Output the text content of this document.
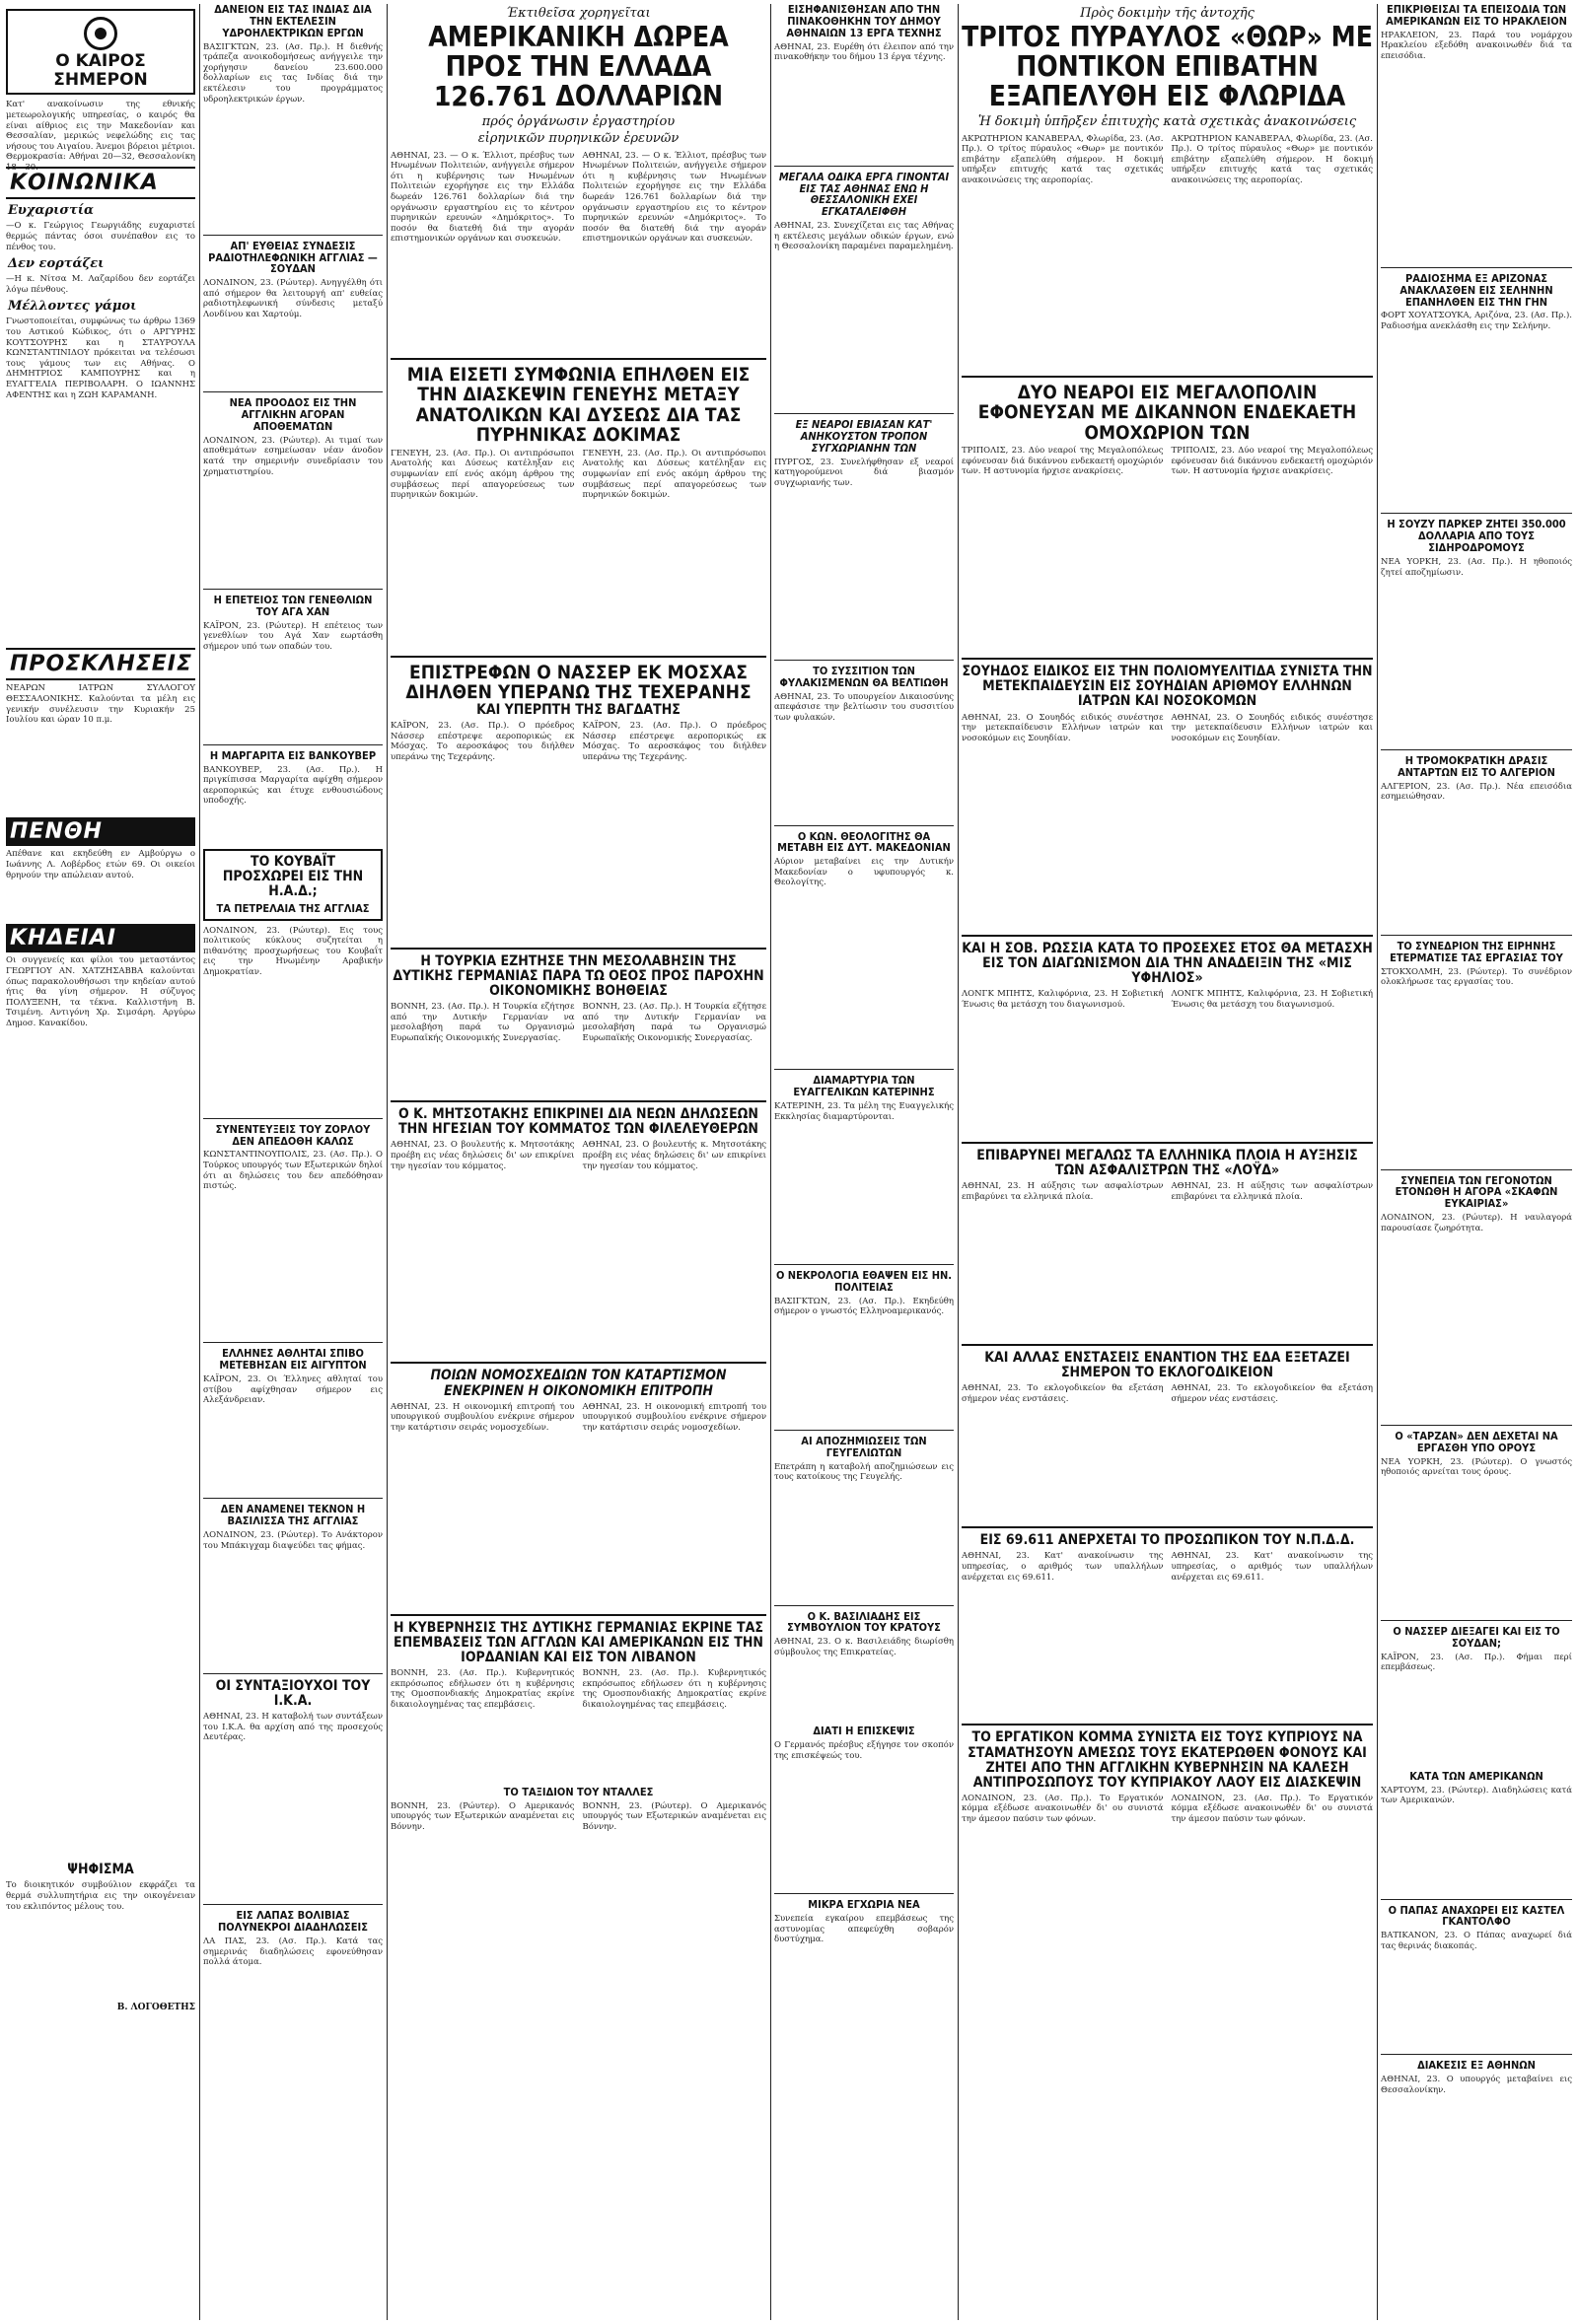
Ο ΚΑΙΡΟΣ ΣΗΜΕΡΟΝ
Κατ' ανακοίνωσιν της εθνικής μετεωρολογικής υπηρεσίας, ο καιρός θα είναι αίθριος εις την Μακεδονίαν και Θεσσαλίαν, μερικώς νεφελώδης εις τας νήσους του Αιγαίου. Άνεμοι βόρειοι μέτριοι. Θερμοκρασία: Αθήναι 20—32, Θεσσαλονίκη 18—30.
ΚΟΙΝΩΝΙΚΑ
Ευχαριστία
—Ο κ. Γεώργιος Γεωργιάδης ευχαριστεί θερμώς πάντας όσοι συνέπαθον εις το πένθος του.
Δεν εορτάζει
—Η κ. Νίτσα Μ. Λαζαρίδου δεν εορτάζει λόγω πένθους.
Μέλλοντες γάμοι
Γνωστοποιείται, συμφώνως τω άρθρω 1369 του Αστικού Κώδικος, ότι ο ΑΡΓΥΡΗΣ ΚΟΥΤΣΟΥΡΗΣ και η ΣΤΑΥΡΟΥΛΑ ΚΩΝΣΤΑΝΤΙΝΙΔΟΥ πρόκειται να τελέσωσι τους γάμους των εις Αθήνας. Ο ΔΗΜΗΤΡΙΟΣ ΚΑΜΠΟΥΡΗΣ και η ΕΥΑΓΓΕΛΙΑ ΠΕΡΙΒΟΛΑΡΗ. Ο ΙΩΑΝΝΗΣ ΑΦΕΝΤΗΣ και η ΖΩΗ ΚΑΡΑΜΑΝΗ.
ΠΡΟΣΚΛΗΣΕΙΣ
ΝΕΑΡΩΝ ΙΑΤΡΩΝ ΣΥΛΛΟΓΟΥ ΘΕΣΣΑΛΟΝΙΚΗΣ. Καλούνται τα μέλη εις γενικήν συνέλευσιν την Κυριακήν 25 Ιουλίου και ώραν 10 π.μ.
ΠΕΝΘΗ
Απέθανε και εκηδεύθη εν Αμβούργω ο Ιωάννης Λ. Λοβέρδος ετών 69. Οι οικείοι θρηνούν την απώλειαν αυτού.
ΚΗΔΕΙΑΙ
Οι συγγενείς και φίλοι του μεταστάντος ΓΕΩΡΓΙΟΥ ΑΝ. ΧΑΤΖΗΣΑΒΒΑ καλούνται όπως παρακολουθήσωσι την κηδείαν αυτού ήτις θα γίνη σήμερον. Η σύζυγος ΠΟΛΥΞΕΝΗ, τα τέκνα. Καλλιστήνη Β. Τσιμένη. Αντιγόνη Χρ. Σιμσάρη. Αργύρω Δημοσ. Κανακίδου.
ΨΗΦΙΣΜΑ
Το διοικητικόν συμβούλιον εκφράζει τα θερμά συλλυπητήρια εις την οικογένειαν του εκλιπόντος μέλους του.
Β. ΛΟΓΟΘΕΤΗΣ
ΔΑΝΕΙΟΝ ΕΙΣ ΤΑΣ ΙΝΔΙΑΣ ΔΙΑ ΤΗΝ ΕΚΤΕΛΕΣΙΝ ΥΔΡΟΗΛΕΚΤΡΙΚΩΝ ΕΡΓΩΝ
ΒΑΣΙΓΚΤΩΝ, 23. (Ασ. Πρ.). Η διεθνής τράπεζα ανοικοδομήσεως ανήγγειλε την χορήγησιν δανείου 23.600.000 δολλαρίων εις τας Ινδίας διά την εκτέλεσιν του προγράμματος υδροηλεκτρικών έργων.
ΑΠ' ΕΥΘΕΙΑΣ ΣΥΝΔΕΣΙΣ ΡΑΔΙΟΤΗΛΕΦΩΝΙΚΗ ΑΓΓΛΙΑΣ — ΣΟΥΔΑΝ
ΛΟΝΔΙΝΟΝ, 23. (Ρώυτερ). Ανηγγέλθη ότι από σήμερον θα λειτουργή απ' ευθείας ραδιοτηλεφωνική σύνδεσις μεταξύ Λονδίνου και Χαρτούμ.
ΝΕΑ ΠΡΟΟΔΟΣ ΕΙΣ ΤΗΝ ΑΓΓΛΙΚΗΝ ΑΓΟΡΑΝ ΑΠΟΘΕΜΑΤΩΝ
ΛΟΝΔΙΝΟΝ, 23. (Ρώυτερ). Αι τιμαί των αποθεμάτων εσημείωσαν νέαν άνοδον κατά την σημερινήν συνεδρίασιν του χρηματιστηρίου.
Η ΕΠΕΤΕΙΟΣ ΤΩΝ ΓΕΝΕΘΛΙΩΝ ΤΟΥ ΑΓΑ ΧΑΝ
ΚΑΪΡΟΝ, 23. (Ρώυτερ). Η επέτειος των γενεθλίων του Αγά Χαν εωρτάσθη σήμερον υπό των οπαδών του.
Η ΜΑΡΓΑΡΙΤΑ ΕΙΣ ΒΑΝΚΟΥΒΕΡ
ΒΑΝΚΟΥΒΕΡ, 23. (Ασ. Πρ.). Η πριγκίπισσα Μαργαρίτα αφίχθη σήμερον αεροπορικώς και έτυχε ενθουσιώδους υποδοχής.
ΤΟ ΚΟΥΒΑΪΤ ΠΡΟΣΧΩΡΕΙ ΕΙΣ ΤΗΝ Η.Α.Δ.;
ΤΑ ΠΕΤΡΕΛΑΙΑ ΤΗΣ ΑΓΓΛΙΑΣ
ΛΟΝΔΙΝΟΝ, 23. (Ρώυτερ). Εις τους πολιτικούς κύκλους συζητείται η πιθανότης προσχωρήσεως του Κουβαΐτ εις την Ηνωμένην Αραβικήν Δημοκρατίαν.
ΣΥΝΕΝΤΕΥΞΕΙΣ ΤΟΥ ΖΟΡΛΟΥ ΔΕΝ ΑΠΕΔΟΘΗ ΚΑΛΩΣ
ΚΩΝΣΤΑΝΤΙΝΟΥΠΟΛΙΣ, 23. (Ασ. Πρ.). Ο Τούρκος υπουργός των Εξωτερικών δηλοί ότι αι δηλώσεις του δεν απεδόθησαν πιστώς.
ΕΛΛΗΝΕΣ ΑΘΛΗΤΑΙ ΣΠΙΒΟ ΜΕΤΕΒΗΣΑΝ ΕΙΣ ΑΙΓΥΠΤΟΝ
ΚΑΪΡΟΝ, 23. Οι Έλληνες αθληταί του στίβου αφίχθησαν σήμερον εις Αλεξάνδρειαν.
ΔΕΝ ΑΝΑΜΕΝΕΙ ΤΕΚΝΟΝ Η ΒΑΣΙΛΙΣΣΑ ΤΗΣ ΑΓΓΛΙΑΣ
ΛΟΝΔΙΝΟΝ, 23. (Ρώυτερ). Το Ανάκτορον του Μπάκιγχαμ διαψεύδει τας φήμας.
ΟΙ ΣΥΝΤΑΞΙΟΥΧΟΙ ΤΟΥ Ι.Κ.Α.
ΑΘΗΝΑΙ, 23. Η καταβολή των συντάξεων του Ι.Κ.Α. θα αρχίση από της προσεχούς Δευτέρας.
ΕΙΣ ΛΑΠΑΣ ΒΟΛΙΒΙΑΣ ΠΟΛΥΝΕΚΡΟΙ ΔΙΑΔΗΛΩΣΕΙΣ
ΛΑ ΠΑΣ, 23. (Ασ. Πρ.). Κατά τας σημερινάς διαδηλώσεις εφονεύθησαν πολλά άτομα.
Έκτιθεῖσα χορηγεῖται
ΑΜΕΡΙΚΑΝΙΚΗ ΔΩΡΕΑ ΠΡΟΣ ΤΗΝ ΕΛΛΑΔΑ 126.761 ΔΟΛΛΑΡΙΩΝ
πρός ὀργάνωσιν ἐργαστηρίου
εἰρηνικῶν πυρηνικῶν ἐρευνῶν
ΑΘΗΝΑΙ, 23. — Ο κ. Έλλιοτ, πρέσβυς των Ηνωμένων Πολιτειών, ανήγγειλε σήμερον ότι η κυβέρνησις των Ηνωμένων Πολιτειών εχορήγησε εις την Ελλάδα δωρεάν 126.761 δολλαρίων διά την οργάνωσιν εργαστηρίου εις το κέντρον πυρηνικών ερευνών «Δημόκριτος». Το ποσόν θα διατεθή διά την αγοράν επιστημονικών οργάνων και συσκευών.
ΑΘΗΝΑΙ, 23. — Ο κ. Έλλιοτ, πρέσβυς των Ηνωμένων Πολιτειών, ανήγγειλε σήμερον ότι η κυβέρνησις των Ηνωμένων Πολιτειών εχορήγησε εις την Ελλάδα δωρεάν 126.761 δολλαρίων διά την οργάνωσιν εργαστηρίου εις το κέντρον πυρηνικών ερευνών «Δημόκριτος». Το ποσόν θα διατεθή διά την αγοράν επιστημονικών οργάνων και συσκευών.
ΜΙΑ ΕΙΣΕΤΙ ΣΥΜΦΩΝΙΑ ΕΠΗΛΘΕΝ ΕΙΣ ΤΗΝ ΔΙΑΣΚΕΨΙΝ ΓΕΝΕΥΗΣ ΜΕΤΑΞΥ ΑΝΑΤΟΛΙΚΩΝ ΚΑΙ ΔΥΣΕΩΣ ΔΙΑ ΤΑΣ ΠΥΡΗΝΙΚΑΣ ΔΟΚΙΜΑΣ
ΓΕΝΕΥΗ, 23. (Ασ. Πρ.). Οι αντιπρόσωποι Ανατολής και Δύσεως κατέληξαν εις συμφωνίαν επί ενός ακόμη άρθρου της συμβάσεως περί απαγορεύσεως των πυρηνικών δοκιμών.
ΓΕΝΕΥΗ, 23. (Ασ. Πρ.). Οι αντιπρόσωποι Ανατολής και Δύσεως κατέληξαν εις συμφωνίαν επί ενός ακόμη άρθρου της συμβάσεως περί απαγορεύσεως των πυρηνικών δοκιμών.
ΕΠΙΣΤΡΕΦΩΝ Ο ΝΑΣΣΕΡ ΕΚ ΜΟΣΧΑΣ ΔΙΗΛΘΕΝ ΥΠΕΡΑΝΩ ΤΗΣ ΤΕΧΕΡΑΝΗΣ
ΚΑΙ ΥΠΕΡΠΤΗ ΤΗΣ ΒΑΓΔΑΤΗΣ
ΚΑΪΡΟΝ, 23. (Ασ. Πρ.). Ο πρόεδρος Νάσσερ επέστρεψε αεροπορικώς εκ Μόσχας. Το αεροσκάφος του διήλθεν υπεράνω της Τεχεράνης.
ΚΑΪΡΟΝ, 23. (Ασ. Πρ.). Ο πρόεδρος Νάσσερ επέστρεψε αεροπορικώς εκ Μόσχας. Το αεροσκάφος του διήλθεν υπεράνω της Τεχεράνης.
Η ΤΟΥΡΚΙΑ ΕΖΗΤΗΣΕ ΤΗΝ ΜΕΣΟΛΑΒΗΣΙΝ ΤΗΣ ΔΥΤΙΚΗΣ ΓΕΡΜΑΝΙΑΣ ΠΑΡΑ ΤΩ ΟΕΟΣ ΠΡΟΣ ΠΑΡΟΧΗΝ ΟΙΚΟΝΟΜΙΚΗΣ ΒΟΗΘΕΙΑΣ
ΒΟΝΝΗ, 23. (Ασ. Πρ.). Η Τουρκία εζήτησε από την Δυτικήν Γερμανίαν να μεσολαβήση παρά τω Οργανισμώ Ευρωπαϊκής Οικονομικής Συνεργασίας.
ΒΟΝΝΗ, 23. (Ασ. Πρ.). Η Τουρκία εζήτησε από την Δυτικήν Γερμανίαν να μεσολαβήση παρά τω Οργανισμώ Ευρωπαϊκής Οικονομικής Συνεργασίας.
Ο Κ. ΜΗΤΣΟΤΑΚΗΣ ΕΠΙΚΡΙΝΕΙ ΔΙΑ ΝΕΩΝ ΔΗΛΩΣΕΩΝ ΤΗΝ ΗΓΕΣΙΑΝ ΤΟΥ ΚΟΜΜΑΤΟΣ ΤΩΝ ΦΙΛΕΛΕΥΘΕΡΩΝ
ΑΘΗΝΑΙ, 23. Ο βουλευτής κ. Μητσοτάκης προέβη εις νέας δηλώσεις δι' ων επικρίνει την ηγεσίαν του κόμματος.
ΑΘΗΝΑΙ, 23. Ο βουλευτής κ. Μητσοτάκης προέβη εις νέας δηλώσεις δι' ων επικρίνει την ηγεσίαν του κόμματος.
ΠΟΙΩΝ ΝΟΜΟΣΧΕΔΙΩΝ ΤΟΝ ΚΑΤΑΡΤΙΣΜΟΝ ΕΝΕΚΡΙΝΕΝ Η ΟΙΚΟΝΟΜΙΚΗ ΕΠΙΤΡΟΠΗ
ΑΘΗΝΑΙ, 23. Η οικονομική επιτροπή του υπουργικού συμβουλίου ενέκρινε σήμερον την κατάρτισιν σειράς νομοσχεδίων.
ΑΘΗΝΑΙ, 23. Η οικονομική επιτροπή του υπουργικού συμβουλίου ενέκρινε σήμερον την κατάρτισιν σειράς νομοσχεδίων.
Η ΚΥΒΕΡΝΗΣΙΣ ΤΗΣ ΔΥΤΙΚΗΣ ΓΕΡΜΑΝΙΑΣ ΕΚΡΙΝΕ ΤΑΣ ΕΠΕΜΒΑΣΕΙΣ ΤΩΝ ΑΓΓΛΩΝ ΚΑΙ ΑΜΕΡΙΚΑΝΩΝ ΕΙΣ ΤΗΝ ΙΟΡΔΑΝΙΑΝ ΚΑΙ ΕΙΣ ΤΟΝ ΛΙΒΑΝΟΝ
ΒΟΝΝΗ, 23. (Ασ. Πρ.). Κυβερνητικός εκπρόσωπος εδήλωσεν ότι η κυβέρνησις της Ομοσπονδιακής Δημοκρατίας εκρίνε δικαιολογημένας τας επεμβάσεις.
ΒΟΝΝΗ, 23. (Ασ. Πρ.). Κυβερνητικός εκπρόσωπος εδήλωσεν ότι η κυβέρνησις της Ομοσπονδιακής Δημοκρατίας εκρίνε δικαιολογημένας τας επεμβάσεις.
ΤΟ ΤΑΞΙΔΙΟΝ ΤΟΥ ΝΤΑΛΛΕΣ
ΒΟΝΝΗ, 23. (Ρώυτερ). Ο Αμερικανός υπουργός των Εξωτερικών αναμένεται εις Βόννην.
ΒΟΝΝΗ, 23. (Ρώυτερ). Ο Αμερικανός υπουργός των Εξωτερικών αναμένεται εις Βόννην.
ΕΙΣΗΦΑΝΙΣΘΗΣΑΝ ΑΠΟ ΤΗΝ ΠΙΝΑΚΟΘΗΚΗΝ ΤΟΥ ΔΗΜΟΥ ΑΘΗΝΑΙΩΝ 13 ΕΡΓΑ ΤΕΧΝΗΣ
ΑΘΗΝΑΙ, 23. Ευρέθη ότι έλειπον από την πινακοθήκην του δήμου 13 έργα τέχνης.
ΜΕΓΑΛΑ ΟΔΙΚΑ ΕΡΓΑ ΓΙΝΟΝΤΑΙ ΕΙΣ ΤΑΣ ΑΘΗΝΑΣ ΕΝΩ Η ΘΕΣΣΑΛΟΝΙΚΗ ΕΧΕΙ ΕΓΚΑΤΑΛΕΙΦΘΗ
ΑΘΗΝΑΙ, 23. Συνεχίζεται εις τας Αθήνας η εκτέλεσις μεγάλων οδικών έργων, ενώ η Θεσσαλονίκη παραμένει παραμελημένη.
ΕΞ ΝΕΑΡΟΙ ΕΒΙΑΣΑΝ ΚΑΤ' ΑΝΗΚΟΥΣΤΟΝ ΤΡΟΠΟΝ ΣΥΓΧΩΡΙΑΝΗΝ ΤΩΝ
ΠΥΡΓΟΣ, 23. Συνελήφθησαν εξ νεαροί κατηγορούμενοι διά βιασμόν συγχωριανής των.
ΤΟ ΣΥΣΣΙΤΙΟΝ ΤΩΝ ΦΥΛΑΚΙΣΜΕΝΩΝ ΘΑ ΒΕΛΤΙΩΘΗ
ΑΘΗΝΑΙ, 23. Το υπουργείον Δικαιοσύνης απεφάσισε την βελτίωσιν του συσσιτίου των φυλακών.
Ο ΚΩΝ. ΘΕΟΛΟΓΙΤΗΣ ΘΑ ΜΕΤΑΒΗ ΕΙΣ ΔΥΤ. ΜΑΚΕΔΟΝΙΑΝ
Αύριον μεταβαίνει εις την Δυτικήν Μακεδονίαν ο υφυπουργός κ. Θεολογίτης.
ΔΙΑΜΑΡΤΥΡΙΑ ΤΩΝ ΕΥΑΓΓΕΛΙΚΩΝ ΚΑΤΕΡΙΝΗΣ
ΚΑΤΕΡΙΝΗ, 23. Τα μέλη της Ευαγγελικής Εκκλησίας διαμαρτύρονται.
Ο ΝΕΚΡΟΛΟΓΙΑ ΕΘΑΨΕΝ ΕΙΣ ΗΝ. ΠΟΛΙΤΕΙΑΣ
ΒΑΣΙΓΚΤΩΝ, 23. (Ασ. Πρ.). Εκηδεύθη σήμερον ο γνωστός Ελληνοαμερικανός.
ΑΙ ΑΠΟΖΗΜΙΩΣΕΙΣ ΤΩΝ ΓΕΥΓΕΛΙΩΤΩΝ
Επετράπη η καταβολή αποζημιώσεων εις τους κατοίκους της Γευγελής.
Ο Κ. ΒΑΣΙΛΙΑΔΗΣ ΕΙΣ ΣΥΜΒΟΥΛΙΟΝ ΤΟΥ ΚΡΑΤΟΥΣ
ΑΘΗΝΑΙ, 23. Ο κ. Βασιλειάδης διωρίσθη σύμβουλος της Επικρατείας.
ΔΙΑΤΙ Η ΕΠΙΣΚΕΨΙΣ
Ο Γερμανός πρέσβυς εξήγησε τον σκοπόν της επισκέψεώς του.
ΜΙΚΡΑ ΕΓΧΩΡΙΑ ΝΕΑ
Συνεπεία εγκαίρου επεμβάσεως της αστυνομίας απεφεύχθη σοβαρόν δυστύχημα.
Πρὸς δοκιμὴν τῆς ἀντοχῆς
ΤΡΙΤΟΣ ΠΥΡΑΥΛΟΣ «ΘΩΡ» ΜΕ ΠΟΝΤΙΚΟΝ ΕΠΙΒΑΤΗΝ ΕΞΑΠΕΛΥΘΗ ΕΙΣ ΦΛΩΡΙΔΑ
Ἡ δοκιμὴ ὑπῆρξεν ἐπιτυχὴς κατὰ σχετικὰς ἀνακοινώσεις
ΑΚΡΩΤΗΡΙΟΝ ΚΑΝΑΒΕΡΑΛ, Φλωρίδα, 23. (Ασ. Πρ.). Ο τρίτος πύραυλος «Θωρ» με ποντικόν επιβάτην εξαπελύθη σήμερον. Η δοκιμή υπήρξεν επιτυχής κατά τας σχετικάς ανακοινώσεις της αεροπορίας.
ΑΚΡΩΤΗΡΙΟΝ ΚΑΝΑΒΕΡΑΛ, Φλωρίδα, 23. (Ασ. Πρ.). Ο τρίτος πύραυλος «Θωρ» με ποντικόν επιβάτην εξαπελύθη σήμερον. Η δοκιμή υπήρξεν επιτυχής κατά τας σχετικάς ανακοινώσεις της αεροπορίας.
ΔΥΟ ΝΕΑΡΟΙ ΕΙΣ ΜΕΓΑΛΟΠΟΛΙΝ ΕΦΟΝΕΥΣΑΝ ΜΕ ΔΙΚΑΝΝΟΝ ΕΝΔΕΚΑΕΤΗ ΟΜΟΧΩΡΙΟΝ ΤΩΝ
ΤΡΙΠΟΛΙΣ, 23. Δύο νεαροί της Μεγαλοπόλεως εφόνευσαν διά δικάννου ενδεκαετή ομοχώριόν των. Η αστυνομία ήρχισε ανακρίσεις.
ΤΡΙΠΟΛΙΣ, 23. Δύο νεαροί της Μεγαλοπόλεως εφόνευσαν διά δικάννου ενδεκαετή ομοχώριόν των. Η αστυνομία ήρχισε ανακρίσεις.
ΣΟΥΗΔΟΣ ΕΙΔΙΚΟΣ ΕΙΣ ΤΗΝ ΠΟΛΙΟΜΥΕΛΙΤΙΔΑ ΣΥΝΙΣΤΑ ΤΗΝ ΜΕΤΕΚΠΑΙΔΕΥΣΙΝ ΕΙΣ ΣΟΥΗΔΙΑΝ ΑΡΙΘΜΟΥ ΕΛΛΗΝΩΝ ΙΑΤΡΩΝ ΚΑΙ ΝΟΣΟΚΟΜΩΝ
ΑΘΗΝΑΙ, 23. Ο Σουηδός ειδικός συνέστησε την μετεκπαίδευσιν Ελλήνων ιατρών και νοσοκόμων εις Σουηδίαν.
ΑΘΗΝΑΙ, 23. Ο Σουηδός ειδικός συνέστησε την μετεκπαίδευσιν Ελλήνων ιατρών και νοσοκόμων εις Σουηδίαν.
ΚΑΙ Η ΣΟΒ. ΡΩΣΣΙΑ ΚΑΤΑ ΤΟ ΠΡΟΣΕΧΕΣ ΕΤΟΣ ΘΑ ΜΕΤΑΣΧΗ ΕΙΣ ΤΟΝ ΔΙΑΓΩΝΙΣΜΟΝ ΔΙΑ ΤΗΝ ΑΝΑΔΕΙΞΙΝ ΤΗΣ «ΜΙΣ ΥΦΗΛΙΟΣ»
ΛΟΝΓΚ ΜΠΗΤΣ, Καλιφόρνια, 23. Η Σοβιετική Ένωσις θα μετάσχη του διαγωνισμού.
ΛΟΝΓΚ ΜΠΗΤΣ, Καλιφόρνια, 23. Η Σοβιετική Ένωσις θα μετάσχη του διαγωνισμού.
ΕΠΙΒΑΡΥΝΕΙ ΜΕΓΑΛΩΣ ΤΑ ΕΛΛΗΝΙΚΑ ΠΛΟΙΑ Η ΑΥΞΗΣΙΣ ΤΩΝ ΑΣΦΑΛΙΣΤΡΩΝ ΤΗΣ «ΛΟΫΔ»
ΑΘΗΝΑΙ, 23. Η αύξησις των ασφαλίστρων επιβαρύνει τα ελληνικά πλοία.
ΑΘΗΝΑΙ, 23. Η αύξησις των ασφαλίστρων επιβαρύνει τα ελληνικά πλοία.
ΚΑΙ ΑΛΛΑΣ ΕΝΣΤΑΣΕΙΣ ΕΝΑΝΤΙΟΝ ΤΗΣ ΕΔΑ ΕΞΕΤΑΖΕΙ ΣΗΜΕΡΟΝ ΤΟ ΕΚΛΟΓΟΔΙΚΕΙΟΝ
ΑΘΗΝΑΙ, 23. Το εκλογοδικείον θα εξετάση σήμερον νέας ενστάσεις.
ΑΘΗΝΑΙ, 23. Το εκλογοδικείον θα εξετάση σήμερον νέας ενστάσεις.
ΕΙΣ 69.611 ΑΝΕΡΧΕΤΑΙ ΤΟ ΠΡΟΣΩΠΙΚΟΝ ΤΟΥ Ν.Π.Δ.Δ.
ΑΘΗΝΑΙ, 23. Κατ' ανακοίνωσιν της υπηρεσίας, ο αριθμός των υπαλλήλων ανέρχεται εις 69.611.
ΑΘΗΝΑΙ, 23. Κατ' ανακοίνωσιν της υπηρεσίας, ο αριθμός των υπαλλήλων ανέρχεται εις 69.611.
ΤΟ ΕΡΓΑΤΙΚΟΝ ΚΟΜΜΑ ΣΥΝΙΣΤΑ ΕΙΣ ΤΟΥΣ ΚΥΠΡΙΟΥΣ ΝΑ ΣΤΑΜΑΤΗΣΟΥΝ ΑΜΕΣΩΣ ΤΟΥΣ ΕΚΑΤΕΡΩΘΕΝ ΦΟΝΟΥΣ ΚΑΙ ΖΗΤΕΙ ΑΠΟ ΤΗΝ ΑΓΓΛΙΚΗΝ ΚΥΒΕΡΝΗΣΙΝ ΝΑ ΚΑΛΕΣΗ ΑΝΤΙΠΡΟΣΩΠΟΥΣ ΤΟΥ ΚΥΠΡΙΑΚΟΥ ΛΑΟΥ ΕΙΣ ΔΙΑΣΚΕΨΙΝ
ΛΟΝΔΙΝΟΝ, 23. (Ασ. Πρ.). Το Εργατικόν κόμμα εξέδωσε ανακοινωθέν δι' ου συνιστά την άμεσον παύσιν των φόνων.
ΛΟΝΔΙΝΟΝ, 23. (Ασ. Πρ.). Το Εργατικόν κόμμα εξέδωσε ανακοινωθέν δι' ου συνιστά την άμεσον παύσιν των φόνων.
ΕΠΙΚΡΙΘΕΙΣΑΙ ΤΑ ΕΠΕΙΣΟΔΙΑ ΤΩΝ ΑΜΕΡΙΚΑΝΩΝ ΕΙΣ ΤΟ ΗΡΑΚΛΕΙΟΝ
ΗΡΑΚΛΕΙΟΝ, 23. Παρά του νομάρχου Ηρακλείου εξεδόθη ανακοινωθέν διά τα επεισόδια.
ΡΑΔΙΟΣΗΜΑ ΕΞ ΑΡΙΖΟΝΑΣ ΑΝΑΚΛΑΣΘΕΝ ΕΙΣ ΣΕΛΗΝΗΝ ΕΠΑΝΗΛΘΕΝ ΕΙΣ ΤΗΝ ΓΗΝ
ΦΟΡΤ ΧΟΥΑΤΣΟΥΚΑ, Αριζόνα, 23. (Ασ. Πρ.). Ραδιοσήμα ανεκλάσθη εις την Σελήνην.
Η ΣΟΥΖΥ ΠΑΡΚΕΡ ΖΗΤΕΙ 350.000 ΔΟΛΛΑΡΙΑ ΑΠΟ ΤΟΥΣ ΣΙΔΗΡΟΔΡΟΜΟΥΣ
ΝΕΑ ΥΟΡΚΗ, 23. (Ασ. Πρ.). Η ηθοποιός ζητεί αποζημίωσιν.
Η ΤΡΟΜΟΚΡΑΤΙΚΗ ΔΡΑΣΙΣ ΑΝΤΑΡΤΩΝ ΕΙΣ ΤΟ ΑΛΓΕΡΙΟΝ
ΑΛΓΕΡΙΟΝ, 23. (Ασ. Πρ.). Νέα επεισόδια εσημειώθησαν.
ΤΟ ΣΥΝΕΔΡΙΟΝ ΤΗΣ ΕΙΡΗΝΗΣ ΕΤΕΡΜΑΤΙΣΕ ΤΑΣ ΕΡΓΑΣΙΑΣ ΤΟΥ
ΣΤΟΚΧΟΛΜΗ, 23. (Ρώυτερ). Το συνέδριον ολοκλήρωσε τας εργασίας του.
ΣΥΝΕΠΕΙΑ ΤΩΝ ΓΕΓΟΝΟΤΩΝ ΕΤΟΝΩΘΗ Η ΑΓΟΡΑ «ΣΚΑΦΩΝ ΕΥΚΑΙΡΙΑΣ»
ΛΟΝΔΙΝΟΝ, 23. (Ρώυτερ). Η ναυλαγορά παρουσίασε ζωηρότητα.
Ο «ΤΑΡΖΑΝ» ΔΕΝ ΔΕΧΕΤΑΙ ΝΑ ΕΡΓΑΣΘΗ ΥΠΟ ΟΡΟΥΣ
ΝΕΑ ΥΟΡΚΗ, 23. (Ρώυτερ). Ο γνωστός ηθοποιός αρνείται τους όρους.
Ο ΝΑΣΣΕΡ ΔΙΕΞΑΓΕΙ ΚΑΙ ΕΙΣ ΤΟ ΣΟΥΔΑΝ;
ΚΑΪΡΟΝ, 23. (Ασ. Πρ.). Φήμαι περί επεμβάσεως.
ΚΑΤΑ ΤΩΝ ΑΜΕΡΙΚΑΝΩΝ
ΧΑΡΤΟΥΜ, 23. (Ρώυτερ). Διαδηλώσεις κατά των Αμερικανών.
Ο ΠΑΠΑΣ ΑΝΑΧΩΡΕΙ ΕΙΣ ΚΑΣΤΕΛ ΓΚΑΝΤΟΛΦΟ
ΒΑΤΙΚΑΝΟΝ, 23. Ο Πάπας αναχωρεί διά τας θερινάς διακοπάς.
ΔΙΑΚΕΣΙΣ ΕΞ ΑΘΗΝΩΝ
ΑΘΗΝΑΙ, 23. Ο υπουργός μεταβαίνει εις Θεσσαλονίκην.
